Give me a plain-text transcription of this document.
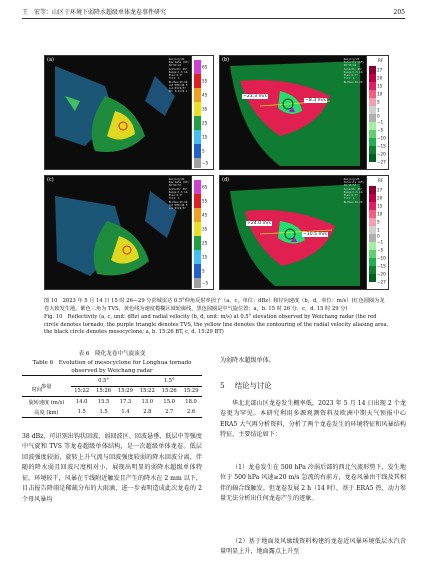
王　宏等：山区于环境下弱降水超级单体龙卷事件研究	205
(a)	Nanjing/2D
Raw Data (RF)
00:59:24
Azimuth: 65°
Range:1.5 km
Elev:0.5°
Tilt: 1
BL/Max:20.00
Lat:N30/48.5
Lon:E119/37
DP: 0.0/34.1
65
55
45
35
25
15
5
−5
(b)	Nanjing/2D
Velocity (RF)
00:59:24
Azimuth: 65°
Range:1.5 km
Elev:0.5°
Tilt: 1
BL/Max:20.00
−23.3 m/s
−8.3 m/s
RF
27
20
15
10
5
1
0
−1
−5
−10
−15
−20
−27
(c)	Nanjing/2D
Raw Data (RF)
00:59:57
Azimuth: 65°
Range:1.5 km
Elev:0.5°
Tilt: 1
BL/Max:20.00
Lat:N30/48.5
Lon:E119/37
65
55
45
35
25
15
5
−5
(d)	Nanjing/2D
Velocity (RF)
00:59:57
Azimuth: 65°
Range:1.5 km
Elev:0.5°
Tilt: 1
BL/Max:20.00
+24.0 m/s
−10.5 m/s
RF
27
20
15
10
5
1
0
−1
−5
−10
−15
−20
−27
图 10　2023 年 5 月 14 日 15 时 26—29 分彭城雷达 0.5°仰角反射率因子（a，c，单位：dBz）和径向速度（b，d，单位：m/s）(红色圆圈为龙卷大致发生地，紫色三角为 TVS，黄色线为速度模糊区域轮廓线，黑色圆圈是中气旋位置；a，b. 15 时 26 分，c，d. 15 时 29 分)
Fig. 10　Reflectivity (a, c, unit: dBz) and radial velocity (b, d, unit: m/s) at 0.5° elevation observed by Weichang radar (the red circle denotes tornado, the purple triangle denotes TVS, the yellow line denotes the contouring of the radial velocity aliasing area, the black circle denotes mesocyclone; a, b. 15:26 BT, c, d. 15:29 BT)
表 6　隆化龙卷中气旋演变
Table 6　Evolution of mesocyclone for Longhua tornado observed by Weichang radar
参量	0.5°			1.5°		
	15:22	15:26	15:29	15:22	15:26	15:29
旋转速度 (m/s)	14.0	15.5	17.3	13.0	15.0	18.0
高度 (km)	1.5	1.5	1.4	2.8	2.7	2.6
时间
38 dBz，可识别出钩状回波、弱回波区、回波悬垂、低层中等强度中气旋和 TVS 等龙卷超级单体结构，是一次超级单体龙卷。低层回波强度较弱，旋转上升气流与回波强度较弱的降水回波分离，伴随的降水弱且回波尺度相对小，展现出明显的弱降水超级单体特征。环境较干，风暴在干线附近触发且产生的降水在 2 mm 以下，目击报告降雨是稀疏分布的大雨滴，进一步表明造成此次龙卷的 2 个母风暴均
为弱降水超级单体。
5 结论与讨论
华北北部山区龙卷发生概率低，2023 年 5 月 14 日出现 2 个龙卷更为罕见。本研究利用多源观测资料及欧洲中期天气预报中心 ERA5 大气再分析资料，分析了两个龙卷发生的环境特征和风暴结构特征，主要结论如下：
（1）龙卷发生在 500 hPa 冷涡后部的西北气流形势下，发生地位于 500 hPa 风速≥20 m/s 急流的右前方，龙卷风暴由干线及其相伴的辐合线触发。但龙卷发展 2 h（14 时），基于 ERA5 热、动力参量无法分析出任何龙卷产生的迹象。
（2）基于地面及风廓线资料构建的龙卷近风暴环境低层水汽含量明显上升，地面露点上升至
